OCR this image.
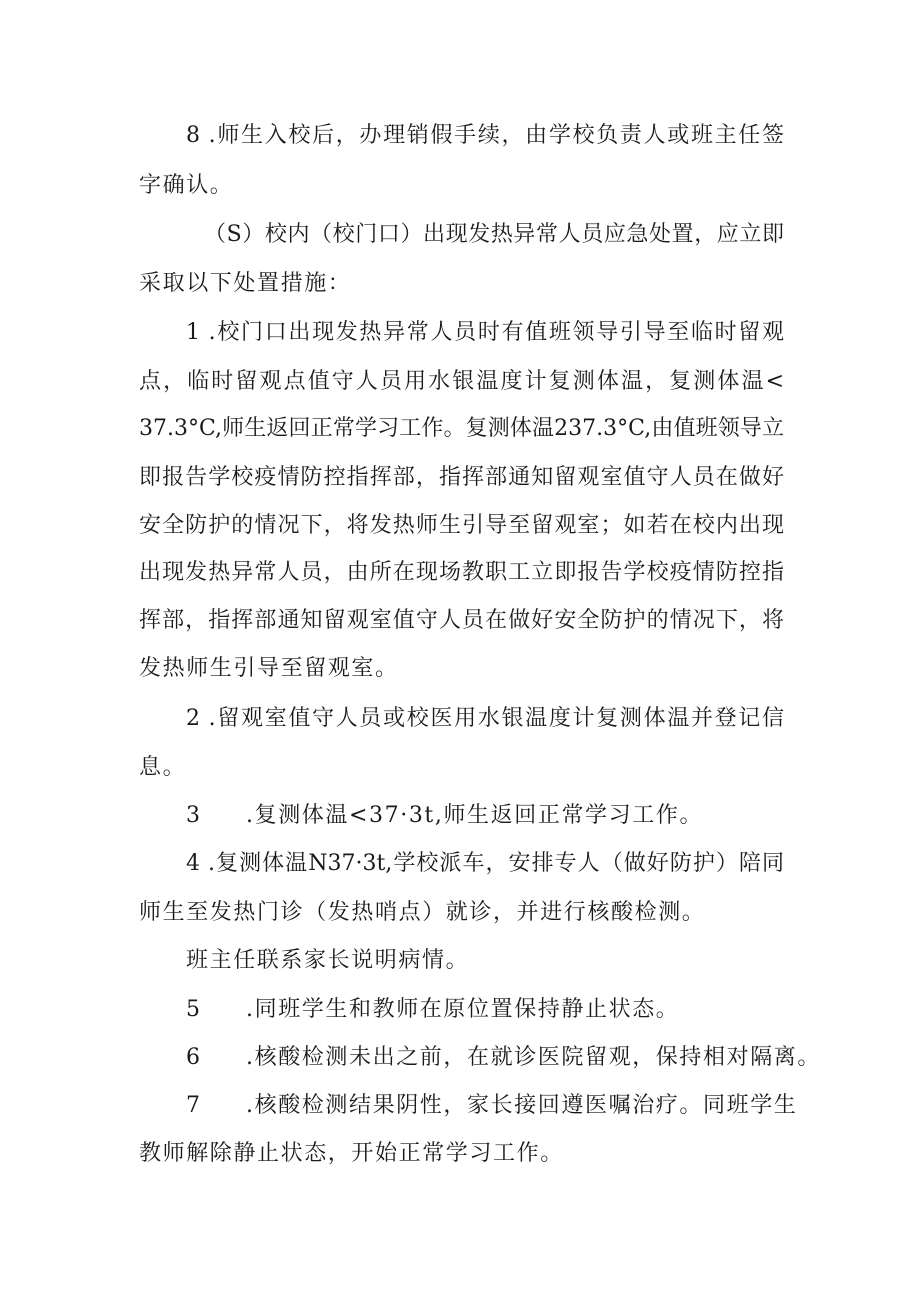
8 .师生入校后，办理销假手续，由学校负责人或班主任签
字确认。
（S）校内（校门口）出现发热异常人员应急处置，应立即
采取以下处置措施：
1 .校门口出现发热异常人员时有值班领导引导至临时留观
点，临时留观点值守人员用水银温度计复测体温，复测体温<
37.3°C,师生返回正常学习工作。复测体温237.3°C,由值班领导立
即报告学校疫情防控指挥部，指挥部通知留观室值守人员在做好
安全防护的情况下，将发热师生引导至留观室；如若在校内出现
出现发热异常人员，由所在现场教职工立即报告学校疫情防控指
挥部，指挥部通知留观室值守人员在做好安全防护的情况下，将
发热师生引导至留观室。
2 .留观室值守人员或校医用水银温度计复测体温并登记信
息。
3 .复测体温<37·3t,师生返回正常学习工作。
4 .复测体温N37·3t,学校派车，安排专人（做好防护）陪同
师生至发热门诊（发热哨点）就诊，并进行核酸检测。
班主任联系家长说明病情。
5 .同班学生和教师在原位置保持静止状态。
6 .核酸检测未出之前，在就诊医院留观，保持相对隔离。
7 .核酸检测结果阴性，家长接回遵医嘱治疗。同班学生
教师解除静止状态，开始正常学习工作。
